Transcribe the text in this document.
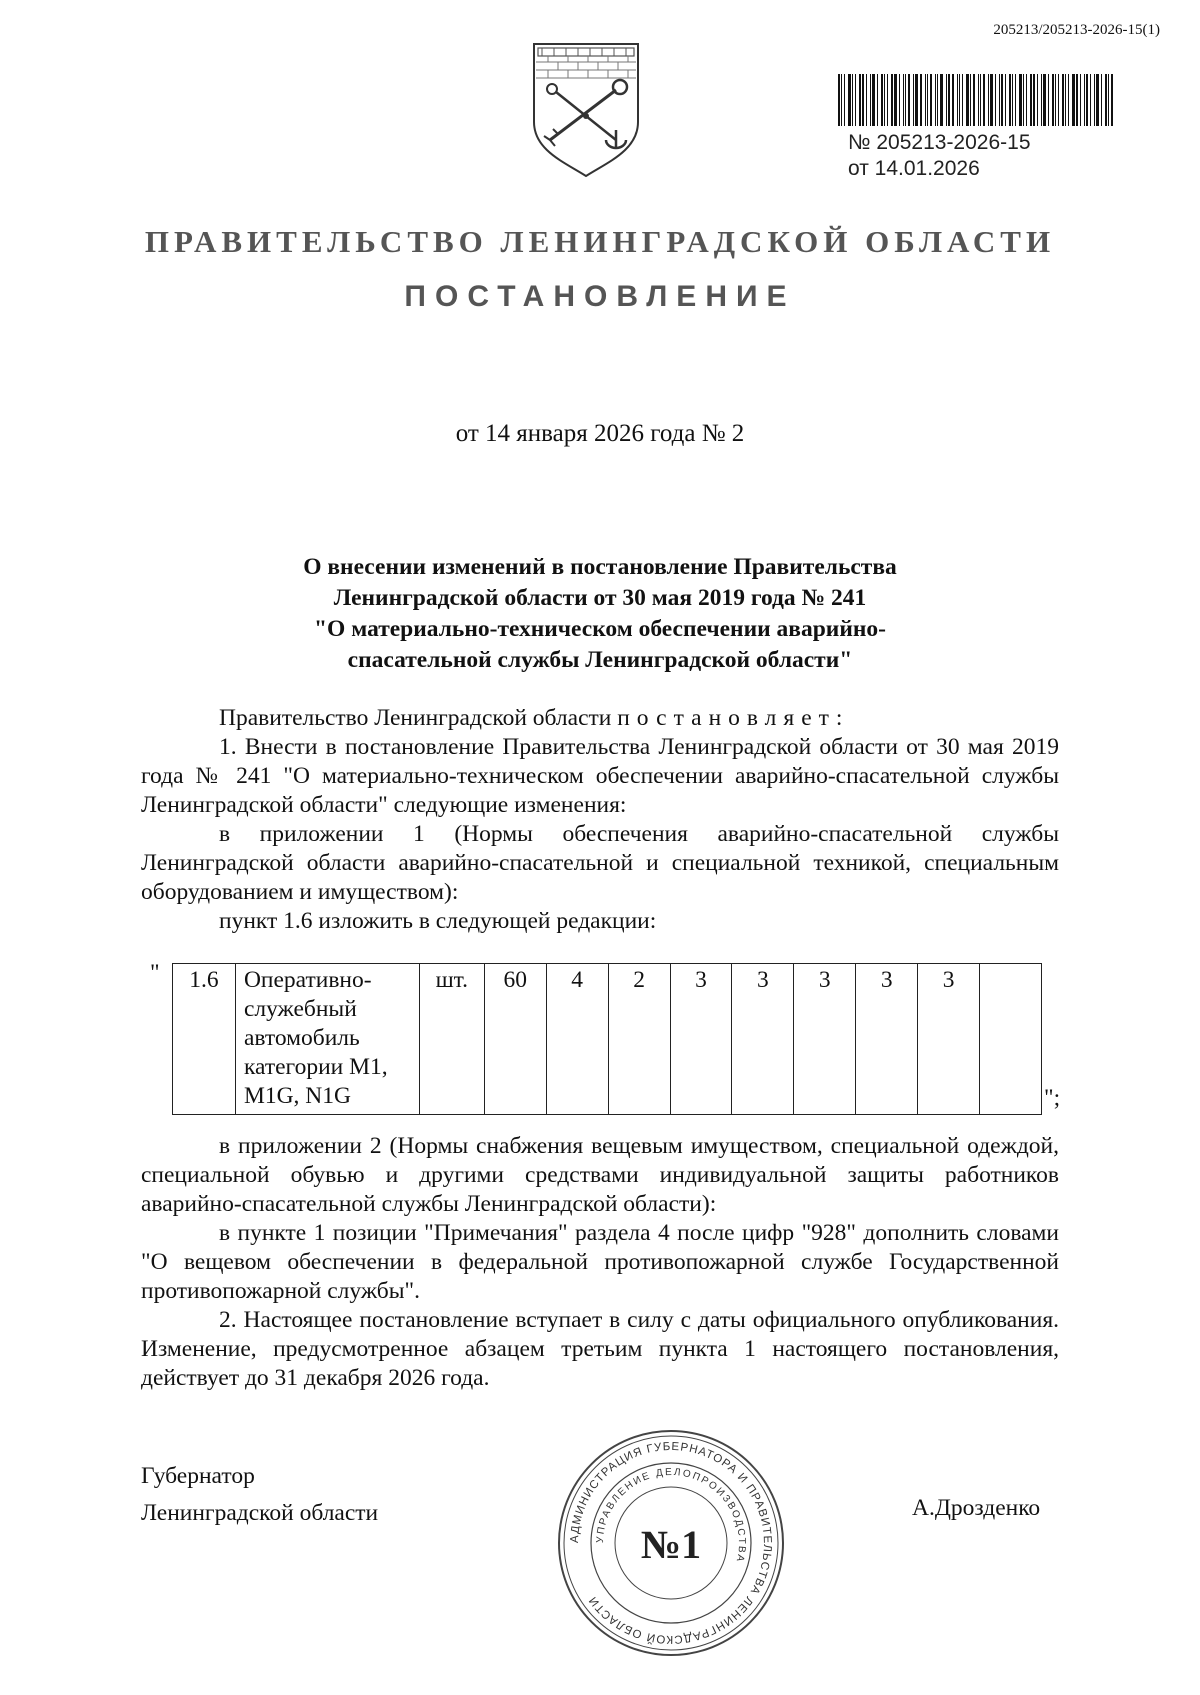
205213/205213-2026-15(1)
№ 205213-2026-15
от 14.01.2026
ПРАВИТЕЛЬСТВО ЛЕНИНГРАДСКОЙ ОБЛАСТИ
ПОСТАНОВЛЕНИЕ
от 14 января 2026 года № 2
О внесении изменений в постановление Правительства
Ленинградской области от 30 мая 2019 года № 241
"О материально-техническом обеспечении аварийно-
спасательной службы Ленинградской области"

Правительство Ленинградской области постановляет:

1. Внести в постановление Правительства Ленинградской области от 30 мая 2019 года № 241 "О материально-техническом обеспечении аварийно-спасательной службы Ленинградской области" следующие изменения:

в приложении 1 (Нормы обеспечения аварийно-спасательной службы Ленинградской области аварийно-спасательной и специальной техникой, специальным оборудованием и имуществом):

пункт 1.6 изложить в следующей редакции:

" 1.6	Оперативно-
служебный
автомобиль
категории М1,
M1G, N1G
	шт.	60	4	2	3	3	3	3	3	
";

в приложении 2 (Нормы снабжения вещевым имуществом, специальной одеждой, специальной обувью и другими средствами индивидуальной защиты работников аварийно-спасательной службы Ленинградской области):

в пункте 1 позиции "Примечания" раздела 4 после цифр "928" дополнить словами "О вещевом обеспечении в федеральной противопожарной службе Государственной противопожарной службы".

2. Настоящее постановление вступает в силу с даты официального опубликования. Изменение, предусмотренное абзацем третьим пункта 1 настоящего постановления, действует до 31 декабря 2026 года.

Губернатор
Ленинградской области	А.Дрозденко
АДМИНИСТРАЦИЯ ГУБЕРНАТОРА И ПРАВИТЕЛЬСТВА ЛЕНИНГРАДСКОЙ ОБЛАСТИ
УПРАВЛЕНИЕ ДЕЛОПРОИЗВОДСТВА
№1
